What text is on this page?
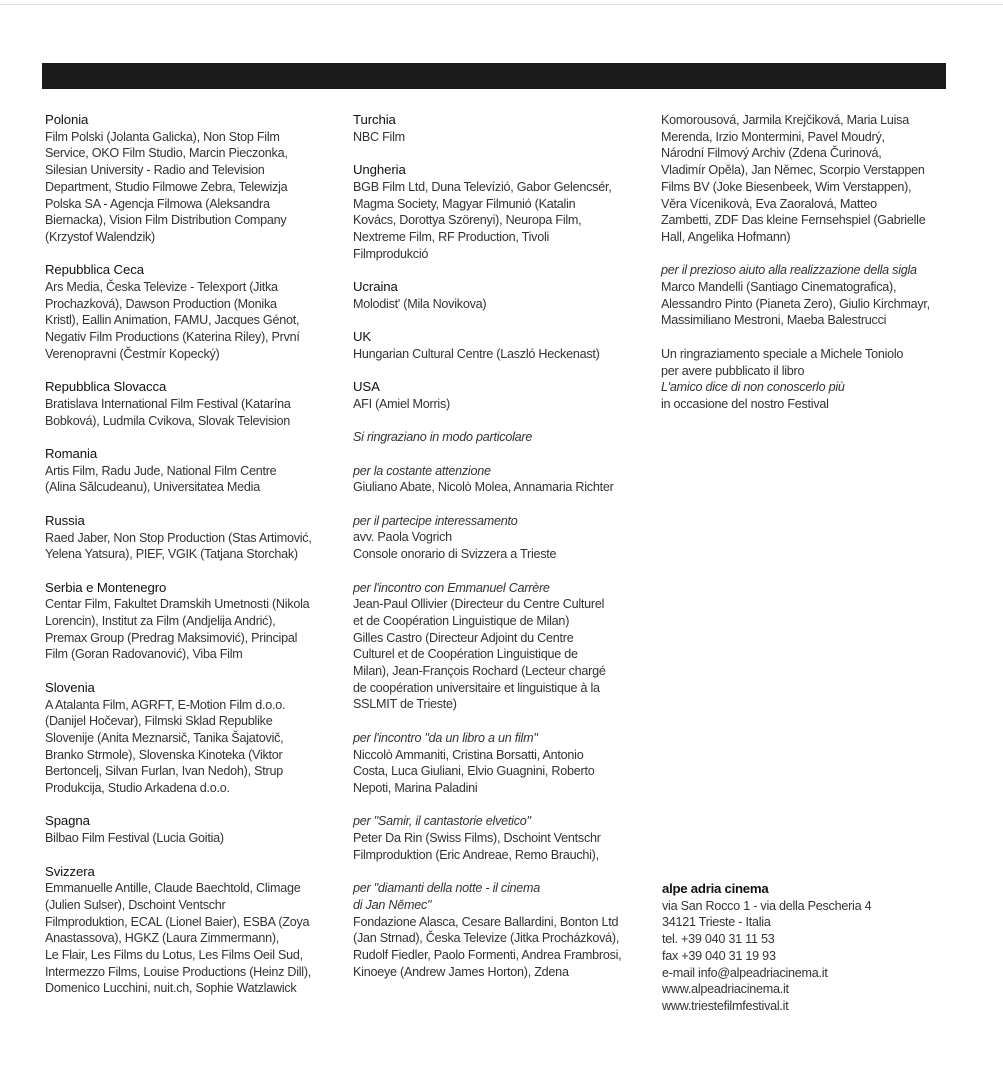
Polonia
Film Polski (Jolanta Galicka), Non Stop Film
Service, OKO Film Studio, Marcin Pieczonka,
Silesian University - Radio and Television
Department, Studio Filmowe Zebra, Telewizja
Polska SA - Agencja Filmowa (Aleksandra
Biernacka), Vision Film Distribution Company
(Krzystof Walendzik)
Repubblica Ceca
Ars Media, Česka Televize - Telexport (Jitka
Prochazková), Dawson Production (Monika
Kristl), Eallin Animation, FAMU, Jacques Génot,
Negativ Film Productions (Katerina Riley), První
Verenopravni (Čestmír Kopecký)
Repubblica Slovacca
Bratislava International Film Festival (Katarína
Bobková), Ludmila Cvikova, Slovak Television
Romania
Artis Film, Radu Jude, National Film Centre
(Alina Sălcudeanu), Universitatea Media
Russia
Raed Jaber, Non Stop Production (Stas Artimović,
Yelena Yatsura), PIEF, VGIK (Tatjana Storchak)
Serbia e Montenegro
Centar Film, Fakultet Dramskih Umetnosti (Nikola
Lorencin), Institut za Film (Andjelija Andrić),
Premax Group (Predrag Maksimović), Principal
Film (Goran Radovanović), Viba Film
Slovenia
A Atalanta Film, AGRFT, E-Motion Film d.o.o.
(Danijel Hočevar), Filmski Sklad Republike
Slovenije (Anita Meznarsič, Tanika Šajatovič,
Branko Strmole), Slovenska Kinoteka (Viktor
Bertoncelj, Silvan Furlan, Ivan Nedoh), Strup
Produkcija, Studio Arkadena d.o.o.
Spagna
Bilbao Film Festival (Lucia Goitia)
Svizzera
Emmanuelle Antille, Claude Baechtold, Climage
(Julien Sulser), Dschoint Ventschr
Filmproduktion, ECAL (Lionel Baier), ESBA (Zoya
Anastassova), HGKZ (Laura Zimmermann),
Le Flair, Les Films du Lotus, Les Films Oeil Sud,
Intermezzo Films, Louise Productions (Heinz Dill),
Domenico Lucchini, nuit.ch, Sophie Watzlawick
Turchia
NBC Film
Ungheria
BGB Film Ltd, Duna Televízió, Gabor Gelencsér,
Magma Society, Magyar Filmunió (Katalin
Kovács, Dorottya Szörenyi), Neuropa Film,
Nextreme Film, RF Production, Tivoli
Filmprodukció
Ucraina
Molodist' (Mila Novikova)
UK
Hungarian Cultural Centre (Laszló Heckenast)
USA
AFI (Amiel Morris)
Si ringraziano in modo particolare
per la costante attenzione
Giuliano Abate, Nicolò Molea, Annamaria Richter
per il partecipe interessamento
avv. Paola Vogrich
Console onorario di Svizzera a Trieste
per l'incontro con Emmanuel Carrère
Jean-Paul Ollivier (Directeur du Centre Culturel
et de Coopération Linguistique de Milan)
Gilles Castro (Directeur Adjoint du Centre
Culturel et de Coopération Linguistique de
Milan), Jean-François Rochard (Lecteur chargé
de coopération universitaire et linguistique à la
SSLMIT de Trieste)
per l'incontro "da un libro a un film"
Niccolò Ammaniti, Cristina Borsatti, Antonio
Costa, Luca Giuliani, Elvio Guagnini, Roberto
Nepoti, Marina Paladini
per "Samir, il cantastorie elvetico"
Peter Da Rin (Swiss Films), Dschoint Ventschr
Filmproduktion (Eric Andreae, Remo Brauchi),
per "diamanti della notte - il cinema
di Jan Němec"
Fondazione Alasca, Cesare Ballardini, Bonton Ltd
(Jan Strnad), Česka Televize (Jitka Procházková),
Rudolf Fiedler, Paolo Formenti, Andrea Frambrosi,
Kinoeye (Andrew James Horton), Zdena
Komorousová, Jarmila Krejčiková, Maria Luisa
Merenda, Irzio Montermini, Pavel Moudrý,
Národní Filmový Archiv (Zdena Čurinová,
Vladimír Opěla), Jan Němec, Scorpio Verstappen
Films BV (Joke Biesenbeek, Wim Verstappen),
Věra Vícenikovà, Eva Zaoralová, Matteo
Zambetti, ZDF Das kleine Fernsehspiel (Gabrielle
Hall, Angelika Hofmann)
per il prezioso aiuto alla realizzazione della sigla
Marco Mandelli (Santiago Cinematografica),
Alessandro Pinto (Pianeta Zero), Giulio Kirchmayr,
Massimiliano Mestroni, Maeba Balestrucci
Un ringraziamento speciale a Michele Toniolo
per avere pubblicato il libro
L'amico dice di non conoscerlo più
in occasione del nostro Festival
alpe adria cinema
via San Rocco 1 - via della Pescheria 4
34121 Trieste - Italia
tel. +39 040 31 11 53
fax +39 040 31 19 93
e-mail info@alpeadriacinema.it
www.alpeadriacinema.it
www.triestefilmfestival.it
